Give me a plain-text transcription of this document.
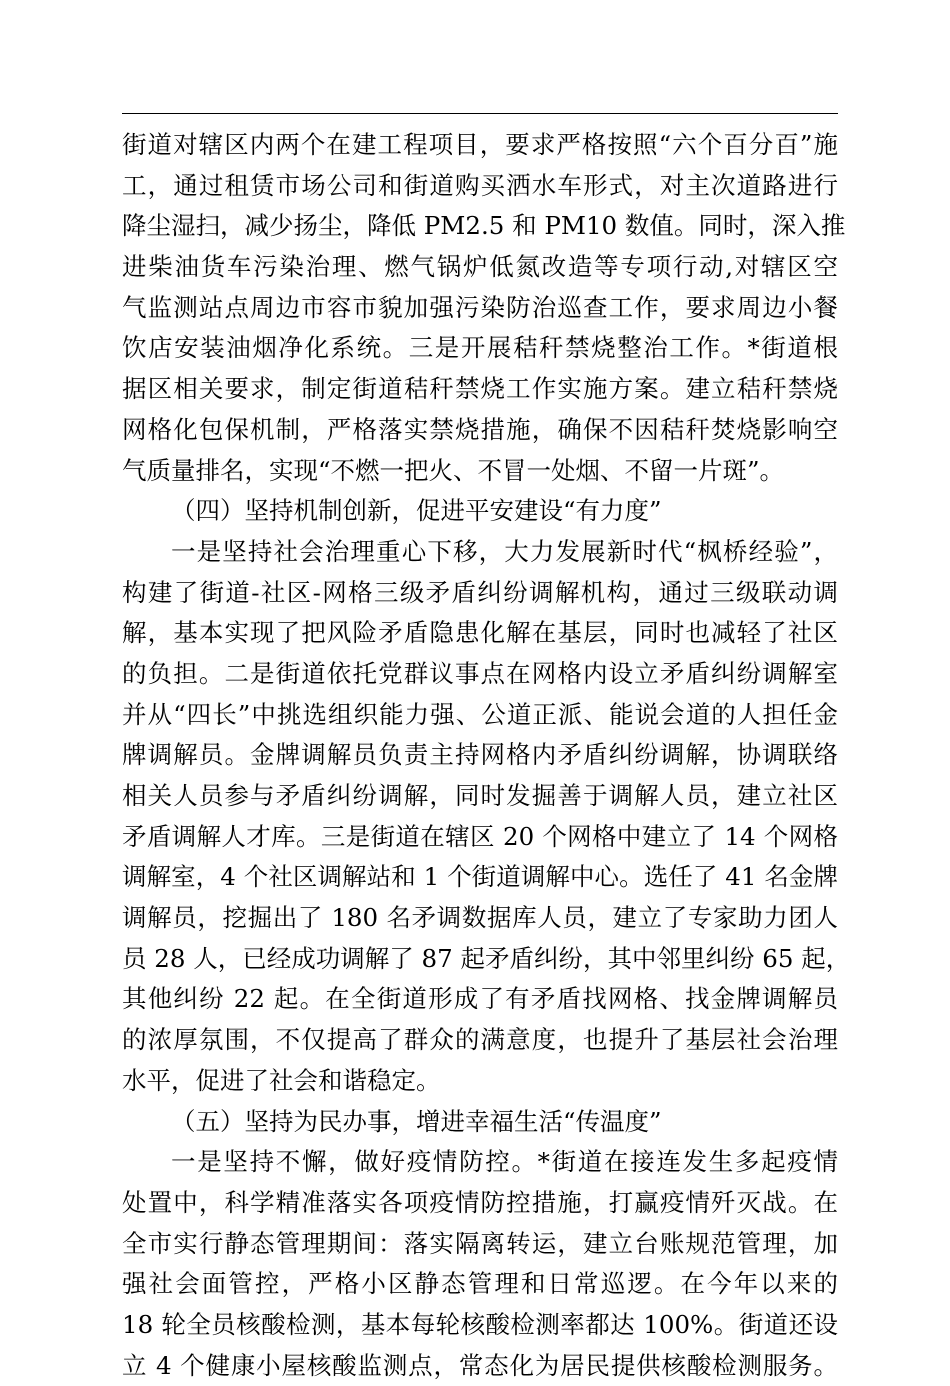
街道对辖区内两个在建工程项目，要求严格按照“六个百分百”施
工，通过租赁市场公司和街道购买洒水车形式，对主次道路进行
降尘湿扫，减少扬尘，降低 PM2.5 和 PM10 数值。同时，深入推
进柴油货车污染治理、燃气锅炉低氮改造等专项行动,对辖区空
气监测站点周边市容市貌加强污染防治巡查工作，要求周边小餐
饮店安装油烟净化系统。三是开展秸秆禁烧整治工作。*街道根
据区相关要求，制定街道秸秆禁烧工作实施方案。建立秸秆禁烧
网格化包保机制，严格落实禁烧措施，确保不因秸秆焚烧影响空
气质量排名，实现“不燃一把火、不冒一处烟、不留一片斑”。
（四）坚持机制创新，促进平安建设“有力度”
一是坚持社会治理重心下移，大力发展新时代“枫桥经验”，
构建了街道-社区-网格三级矛盾纠纷调解机构，通过三级联动调
解，基本实现了把风险矛盾隐患化解在基层，同时也减轻了社区
的负担。二是街道依托党群议事点在网格内设立矛盾纠纷调解室
并从“四长”中挑选组织能力强、公道正派、能说会道的人担任金
牌调解员。金牌调解员负责主持网格内矛盾纠纷调解，协调联络
相关人员参与矛盾纠纷调解，同时发掘善于调解人员，建立社区
矛盾调解人才库。三是街道在辖区 20 个网格中建立了 14 个网格
调解室，4 个社区调解站和 1 个街道调解中心。选任了 41 名金牌
调解员，挖掘出了 180 名矛调数据库人员，建立了专家助力团人
员 28 人，已经成功调解了 87 起矛盾纠纷，其中邻里纠纷 65 起，
其他纠纷 22 起。在全街道形成了有矛盾找网格、找金牌调解员
的浓厚氛围，不仅提高了群众的满意度，也提升了基层社会治理
水平，促进了社会和谐稳定。
（五）坚持为民办事，增进幸福生活“传温度”
一是坚持不懈，做好疫情防控。*街道在接连发生多起疫情
处置中，科学精准落实各项疫情防控措施，打赢疫情歼灭战。在
全市实行静态管理期间：落实隔离转运，建立台账规范管理，加
强社会面管控，严格小区静态管理和日常巡逻。在今年以来的
18 轮全员核酸检测，基本每轮核酸检测率都达 100%。街道还设
立 4 个健康小屋核酸监测点，常态化为居民提供核酸检测服务。
